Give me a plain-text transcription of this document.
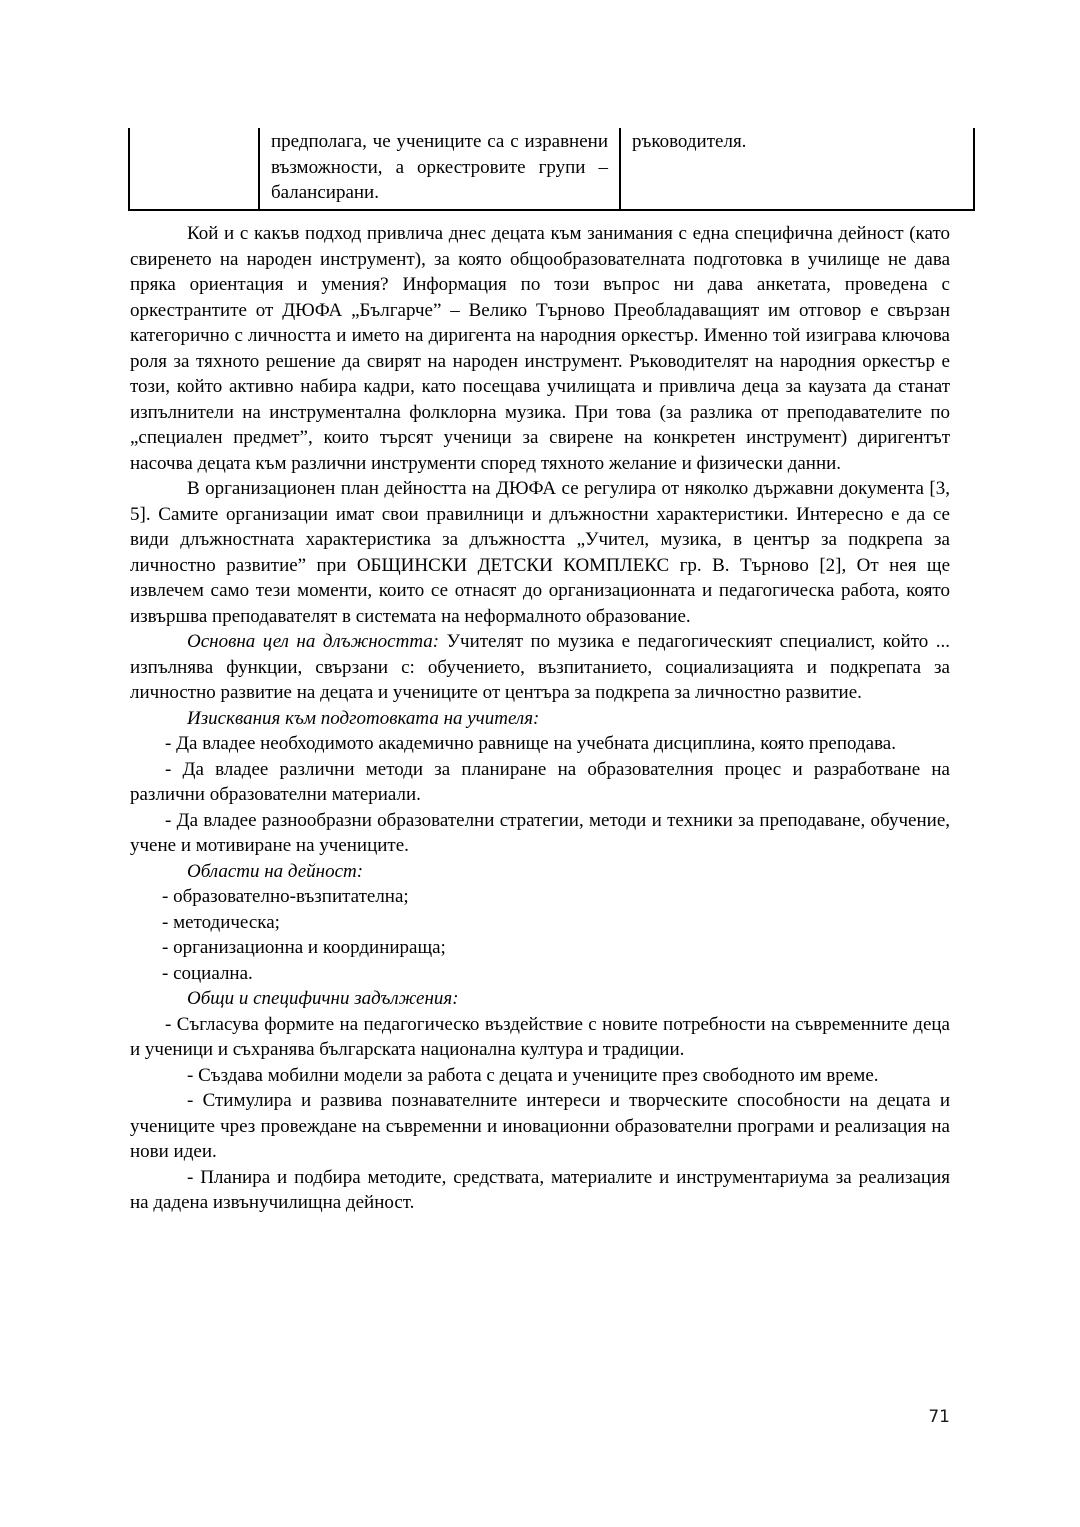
предполага, че учениците са с изравнени възможности, а оркестровите групи – балансирани.
ръководителя.
Кой и с какъв подход привлича днес децата към занимания с една специфична дейност (като свиренето на народен инструмент), за която общообразователната подготовка в училище не дава пряка ориентация и умения? Информация по този въпрос ни дава анкетата, проведена с оркестрантите от ДЮФА „Българче” – Велико Търново Преобладаващият им отговор е свързан категорично с личността и името на диригента на народния оркестър. Именно той изиграва ключова роля за тяхното решение да свирят на народен инструмент. Ръководителят на народния оркестър е този, който активно набира кадри, като посещава училищата и привлича деца за каузата да станат изпълнители на инструментална фолклорна музика. При това (за разлика от преподавателите по „специален предмет”, които търсят ученици за свирене на конкретен инструмент) диригентът насочва децата към различни инструменти според тяхното желание и физически данни.
В организационен план дейността на ДЮФА се регулира от няколко държавни документа [3, 5]. Самите организации имат свои правилници и длъжностни характеристики. Интересно е да се види длъжностната характеристика за длъжността „Учител, музика, в център за подкрепа за личностно развитие” при ОБЩИНСКИ ДЕТСКИ КОМПЛЕКС гр. В. Търново [2], От нея ще извлечем само тези моменти, които се отнасят до организационната и педагогическа работа, която извършва преподавателят в системата на неформалното образование.
Основна цел на длъжността: Учителят по музика е педагогическият специалист, който ... изпълнява функции, свързани с: обучението, възпитанието, социализацията и подкрепата за личностно развитие на децата и учениците от центъра за подкрепа за личностно развитие.
Изисквания към подготовката на учителя:
- Да владее необходимото академично равнище на учебната дисциплина, която преподава.
- Да владее различни методи за планиране на образователния процес и разработване на различни образователни материали.
- Да владее разнообразни образователни стратегии, методи и техники за преподаване, обучение, учене и мотивиране на учениците.
Области на дейност:
- образователно-възпитателна;
- методическа;
- организационна и координираща;
- социална.
Общи и специфични задължения:
- Съгласува формите на педагогическо въздействие с новите потребности на съвременните деца и ученици и съхранява българската национална култура и традиции.
- Създава мобилни модели за работа с децата и учениците през свободното им време.
- Стимулира и развива познавателните интереси и творческите способности на децата и учениците чрез провеждане на съвременни и иновационни образователни програми и реализация на нови идеи.
- Планира и подбира методите, средствата, материалите и инструментариума за реализация на дадена извънучилищна дейност.
71
